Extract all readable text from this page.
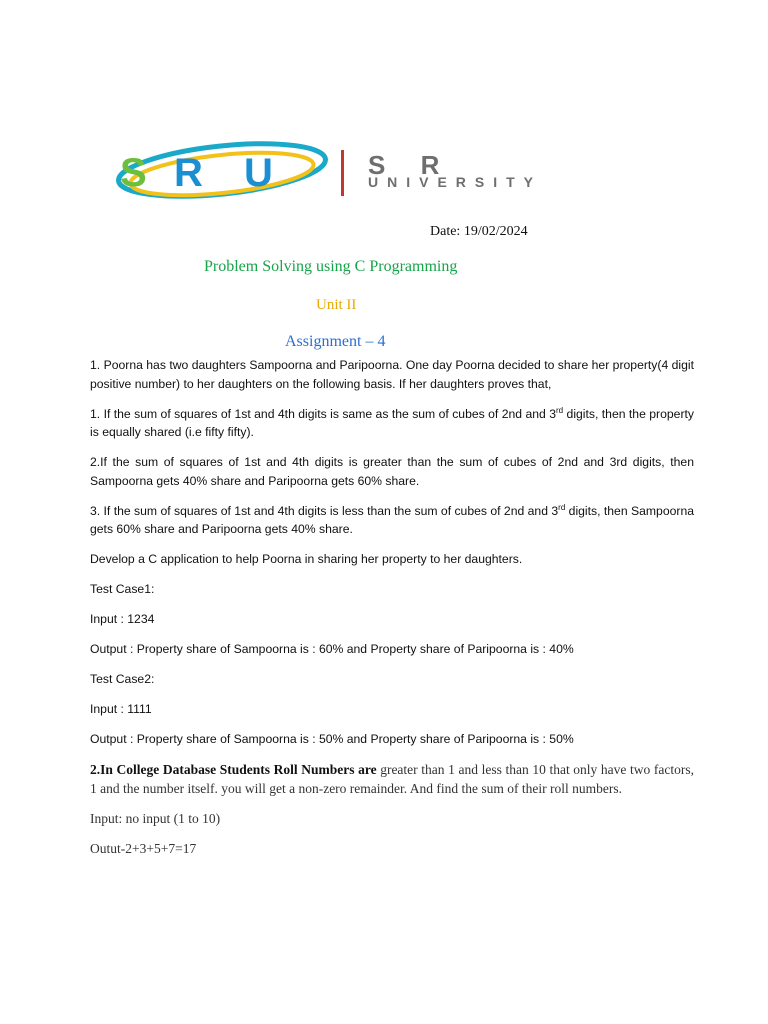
S R U	S R
UNIVERSITY
Date: 19/02/2024
Problem Solving using C Programming
Unit II
Assignment – 4

1. Poorna has two daughters Sampoorna and Paripoorna. One day Poorna decided to share her property(4 digit positive number) to her daughters on the following basis. If her daughters proves that,

1. If the sum of squares of 1st and 4th digits is same as the sum of cubes of 2nd and 3rd digits, then the property is equally shared (i.e fifty fifty).

2.If the sum of squares of 1st and 4th digits is greater than the sum of cubes of 2nd and 3rd digits, then Sampoorna gets 40% share and Paripoorna gets 60% share.

3. If the sum of squares of 1st and 4th digits is less than the sum of cubes of 2nd and 3rd digits, then Sampoorna gets 60% share and Paripoorna gets 40% share.

Develop a C application to help Poorna in sharing her property to her daughters.

Test Case1:

Input : 1234

Output : Property share of Sampoorna is : 60% and Property share of Paripoorna is : 40%

Test Case2:

Input : 1111

Output : Property share of Sampoorna is : 50% and Property share of Paripoorna is : 50%

2.In College Database Students Roll Numbers are greater than 1 and less than 10 that only have two factors, 1 and the number itself. you will get a non-zero remainder. And find the sum of their roll numbers.

Input: no input (1 to 10)

Outut-2+3+5+7=17
